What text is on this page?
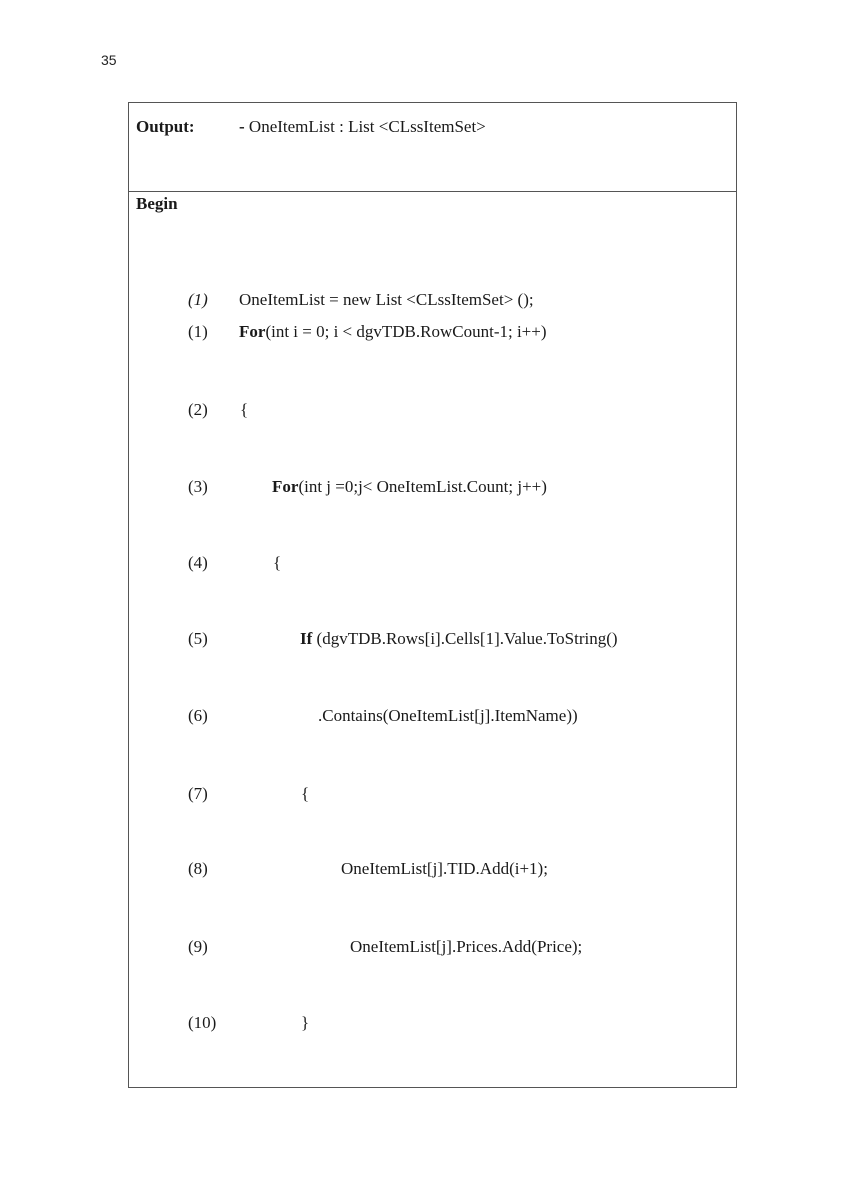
35
Output:	- OneItemList : List <CLssItemSet>
Begin
(1) OneItemList = new List <CLssItemSet> ();
(1) For(int i = 0; i < dgvTDB.RowCount-1; i++)
(2) {
(3)	For(int j =0;j< OneItemList.Count; j++)
(4)	{
(5)	If (dgvTDB.Rows[i].Cells[1].Value.ToString()
(6)	.Contains(OneItemList[j].ItemName))
(7)	{
(8)	OneItemList[j].TID.Add(i+1);
(9)	OneItemList[j].Prices.Add(Price);
(10)	}
